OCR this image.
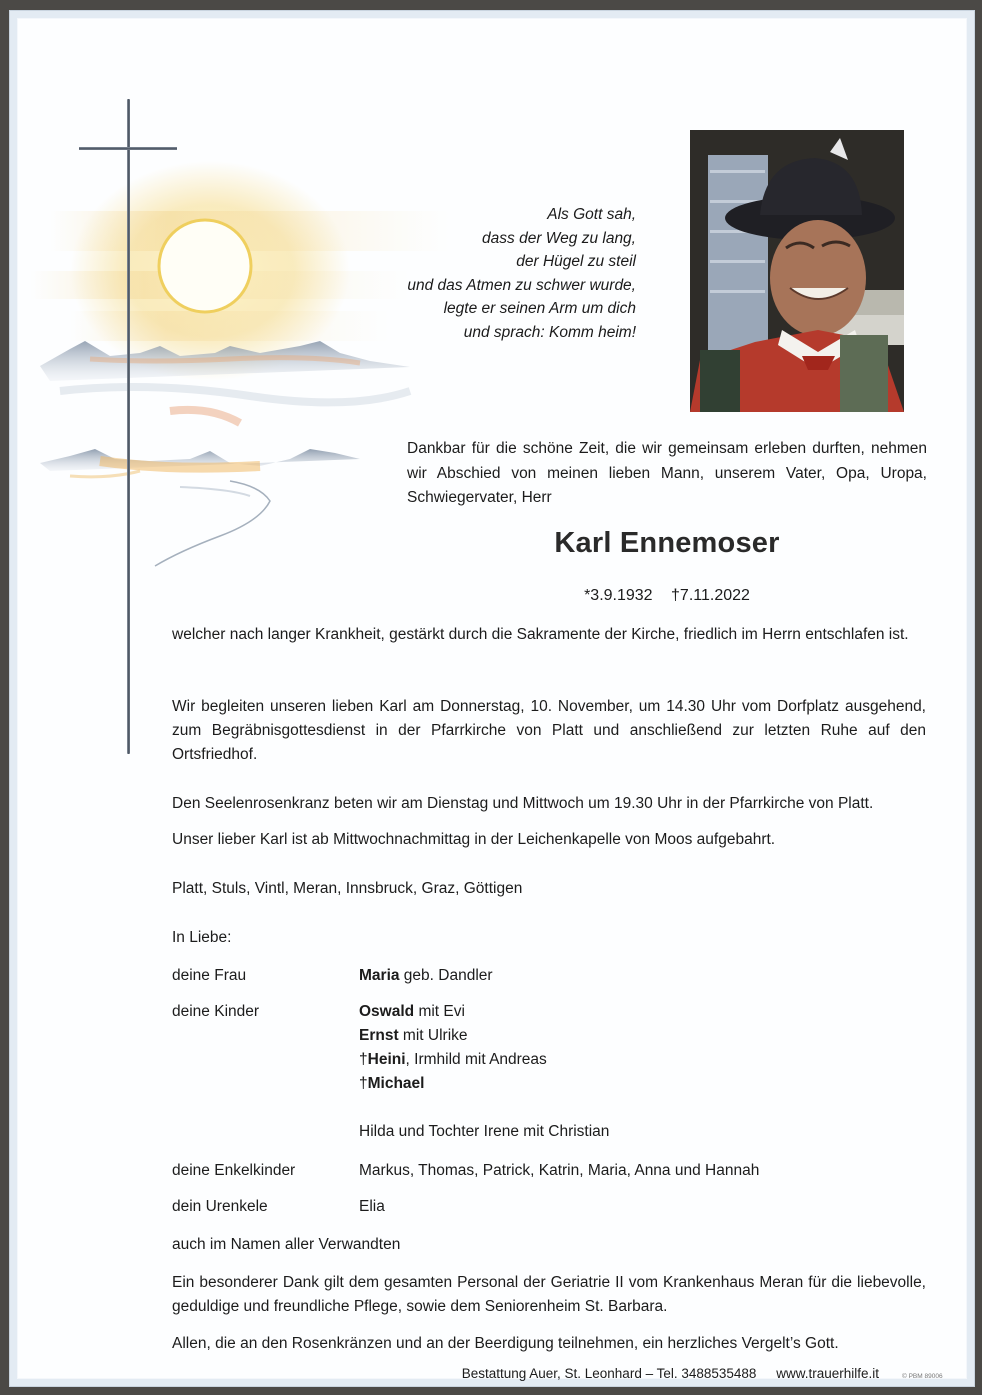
Als Gott sah,
dass der Weg zu lang,
der Hügel zu steil
und das Atmen zu schwer wurde,
legte er seinen Arm um dich
und sprach: Komm heim!

Dankbar für die schöne Zeit, die wir gemeinsam erleben durften, nehmen wir Abschied von meinen lieben Mann, unserem Vater, Opa, Uropa, Schwiegervater, Herr

Karl Ennemoser
*3.9.1932 †7.11.2022

welcher nach langer Krankheit, gestärkt durch die Sakramente der Kirche, friedlich im Herrn entschlafen ist.

Wir begleiten unseren lieben Karl am Donnerstag, 10. November, um 14.30 Uhr vom Dorfplatz ausgehend, zum Begräbnisgottesdienst in der Pfarrkirche von Platt und anschließend zur letzten Ruhe auf den Ortsfriedhof.

Den Seelenrosenkranz beten wir am Dienstag und Mittwoch um 19.30 Uhr in der Pfarrkirche von Platt.

Unser lieber Karl ist ab Mittwochnachmittag in der Leichenkapelle von Moos aufgebahrt.

Platt, Stuls, Vintl, Meran, Innsbruck, Graz, Göttigen

In Liebe:

deine Frau	Maria geb. Dandler
deine Kinder	Oswald mit Evi
Ernst mit Ulrike
†Heini, Irmhild mit Andreas
†Michael
Hilda und Tochter Irene mit Christian
deine Enkelkinder	Markus, Thomas, Patrick, Katrin, Maria, Anna und Hannah
dein Urenkele	Elia

auch im Namen aller Verwandten

Ein besonderer Dank gilt dem gesamten Personal der Geriatrie II vom Krankenhaus Meran für die liebevolle, geduldige und freundliche Pflege, sowie dem Seniorenheim St. Barbara.

Allen, die an den Rosenkränzen und an der Beerdigung teilnehmen, ein herzliches Vergelt’s Gott.

Bestattung Auer, St. Leonhard – Tel. 3488535488 www.trauerhilfe.it	© PBM 89006
